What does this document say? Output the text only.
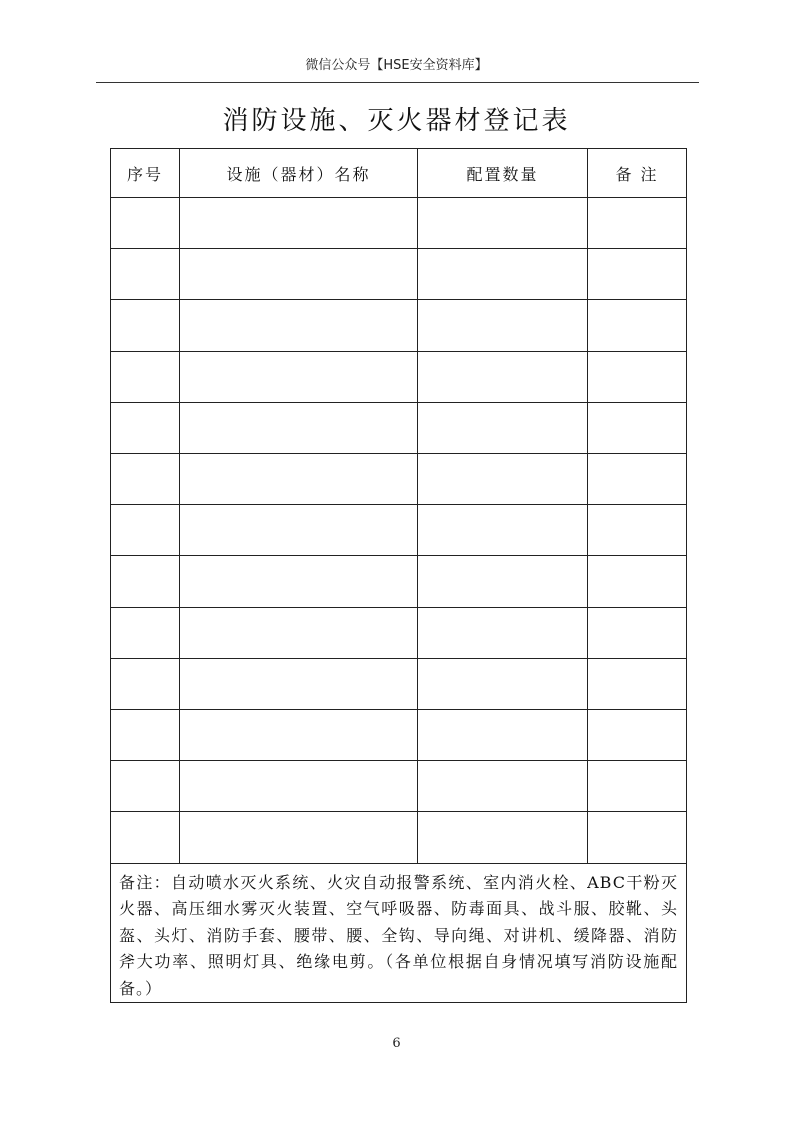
微信公众号【HSE安全资料库】
消防设施、灭火器材登记表
序号	设施（器材）名称	配置数量	备 注

备注：自动喷水灭火系统、火灾自动报警系统、室内消火栓、ABC干粉灭火器、高压细水雾灭火装置、空气呼吸器、防毒面具、战斗服、胶靴、头盔、头灯、消防手套、腰带、腰、全钩、导向绳、对讲机、缓降器、消防斧大功率、照明灯具、绝缘电剪。（各单位根据自身情况填写消防设施配备。）			
6
